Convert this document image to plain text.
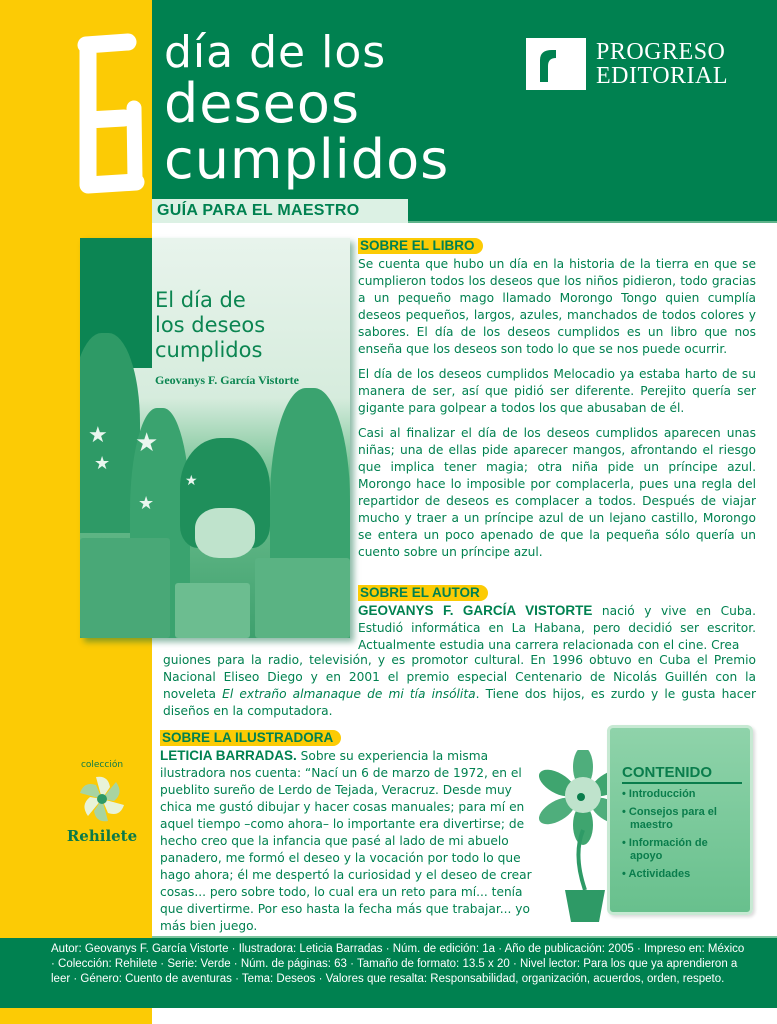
día de los
deseos
cumplidos
GUÍA PARA EL MAESTRO
PROGRESO
EDITORIAL
El día de
los deseos
cumplidos
Geovanys F. García Vistorte
★
★
★
★
★
SOBRE EL LIBRO

Se cuenta que hubo un día en la historia de la tierra en que se cumplieron todos los deseos que los niños pidieron, todo gracias a un pequeño mago llamado Morongo Tongo quien cumplía deseos pequeños, largos, azules, manchados de todos colores y sabores. El día de los deseos cumplidos es un libro que nos enseña que los deseos son todo lo que se nos puede ocurrir.

El día de los deseos cumplidos Melocadio ya estaba harto de su manera de ser, así que pidió ser diferente. Perejito quería ser gigante para golpear a todos los que abusaban de él.

Casi al finalizar el día de los deseos cumplidos aparecen unas niñas; una de ellas pide aparecer mangos, afrontando el riesgo que implica tener magia; otra niña pide un príncipe azul. Morongo hace lo imposible por complacerla, pues una regla del repartidor de deseos es complacer a todos. Después de viajar mucho y traer a un príncipe azul de un lejano castillo, Morongo se entera un poco apenado de que la pequeña sólo quería un cuento sobre un príncipe azul.

SOBRE EL AUTOR
GEOVANYS F. GARCÍA VISTORTE nació y vive en Cuba. Estudió informática en La Habana, pero decidió ser escritor. Actualmente estudia una carrera relacionada con el cine. Crea
guiones para la radio, televisión, y es promotor cultural. En 1996 obtuvo en Cuba el Premio Nacional Eliseo Diego y en 2001 el premio especial Centenario de Nicolás Guillén con la noveleta El extraño almanaque de mi tía insólita. Tiene dos hijos, es zurdo y le gusta hacer diseños en la computadora.
SOBRE LA ILUSTRADORA
LETICIA BARRADAS. Sobre su experiencia la misma ilustradora nos cuenta: “Nací un 6 de marzo de 1972, en el pueblito sureño de Lerdo de Tejada, Veracruz. Desde muy chica me gustó dibujar y hacer cosas manuales; para mí en aquel tiempo –como ahora– lo importante era divertirse; de hecho creo que la infancia que pasé al lado de mi abuelo panadero, me formó el deseo y la vocación por todo lo que hago ahora; él me despertó la curiosidad y el deseo de crear cosas... pero sobre todo, lo cual era un reto para mí... tenía que divertirme. Por eso hasta la fecha más que trabajar... yo más bien juego.
colección
Rehilete
CONTENIDO
• Introducción
• Consejos para el maestro
• Información de apoyo
• Actividades
Autor: Geovanys F. García Vistorte · Ilustradora: Leticia Barradas · Núm. de edición: 1a · Año de publicación: 2005 · Impreso en: México · Colección: Rehilete · Serie: Verde · Núm. de páginas: 63 · Tamaño de formato: 13.5 x 20 · Nivel lector: Para los que ya aprendieron a leer · Género: Cuento de aventuras · Tema: Deseos · Valores que resalta: Responsabilidad, organización, acuerdos, orden, respeto.
